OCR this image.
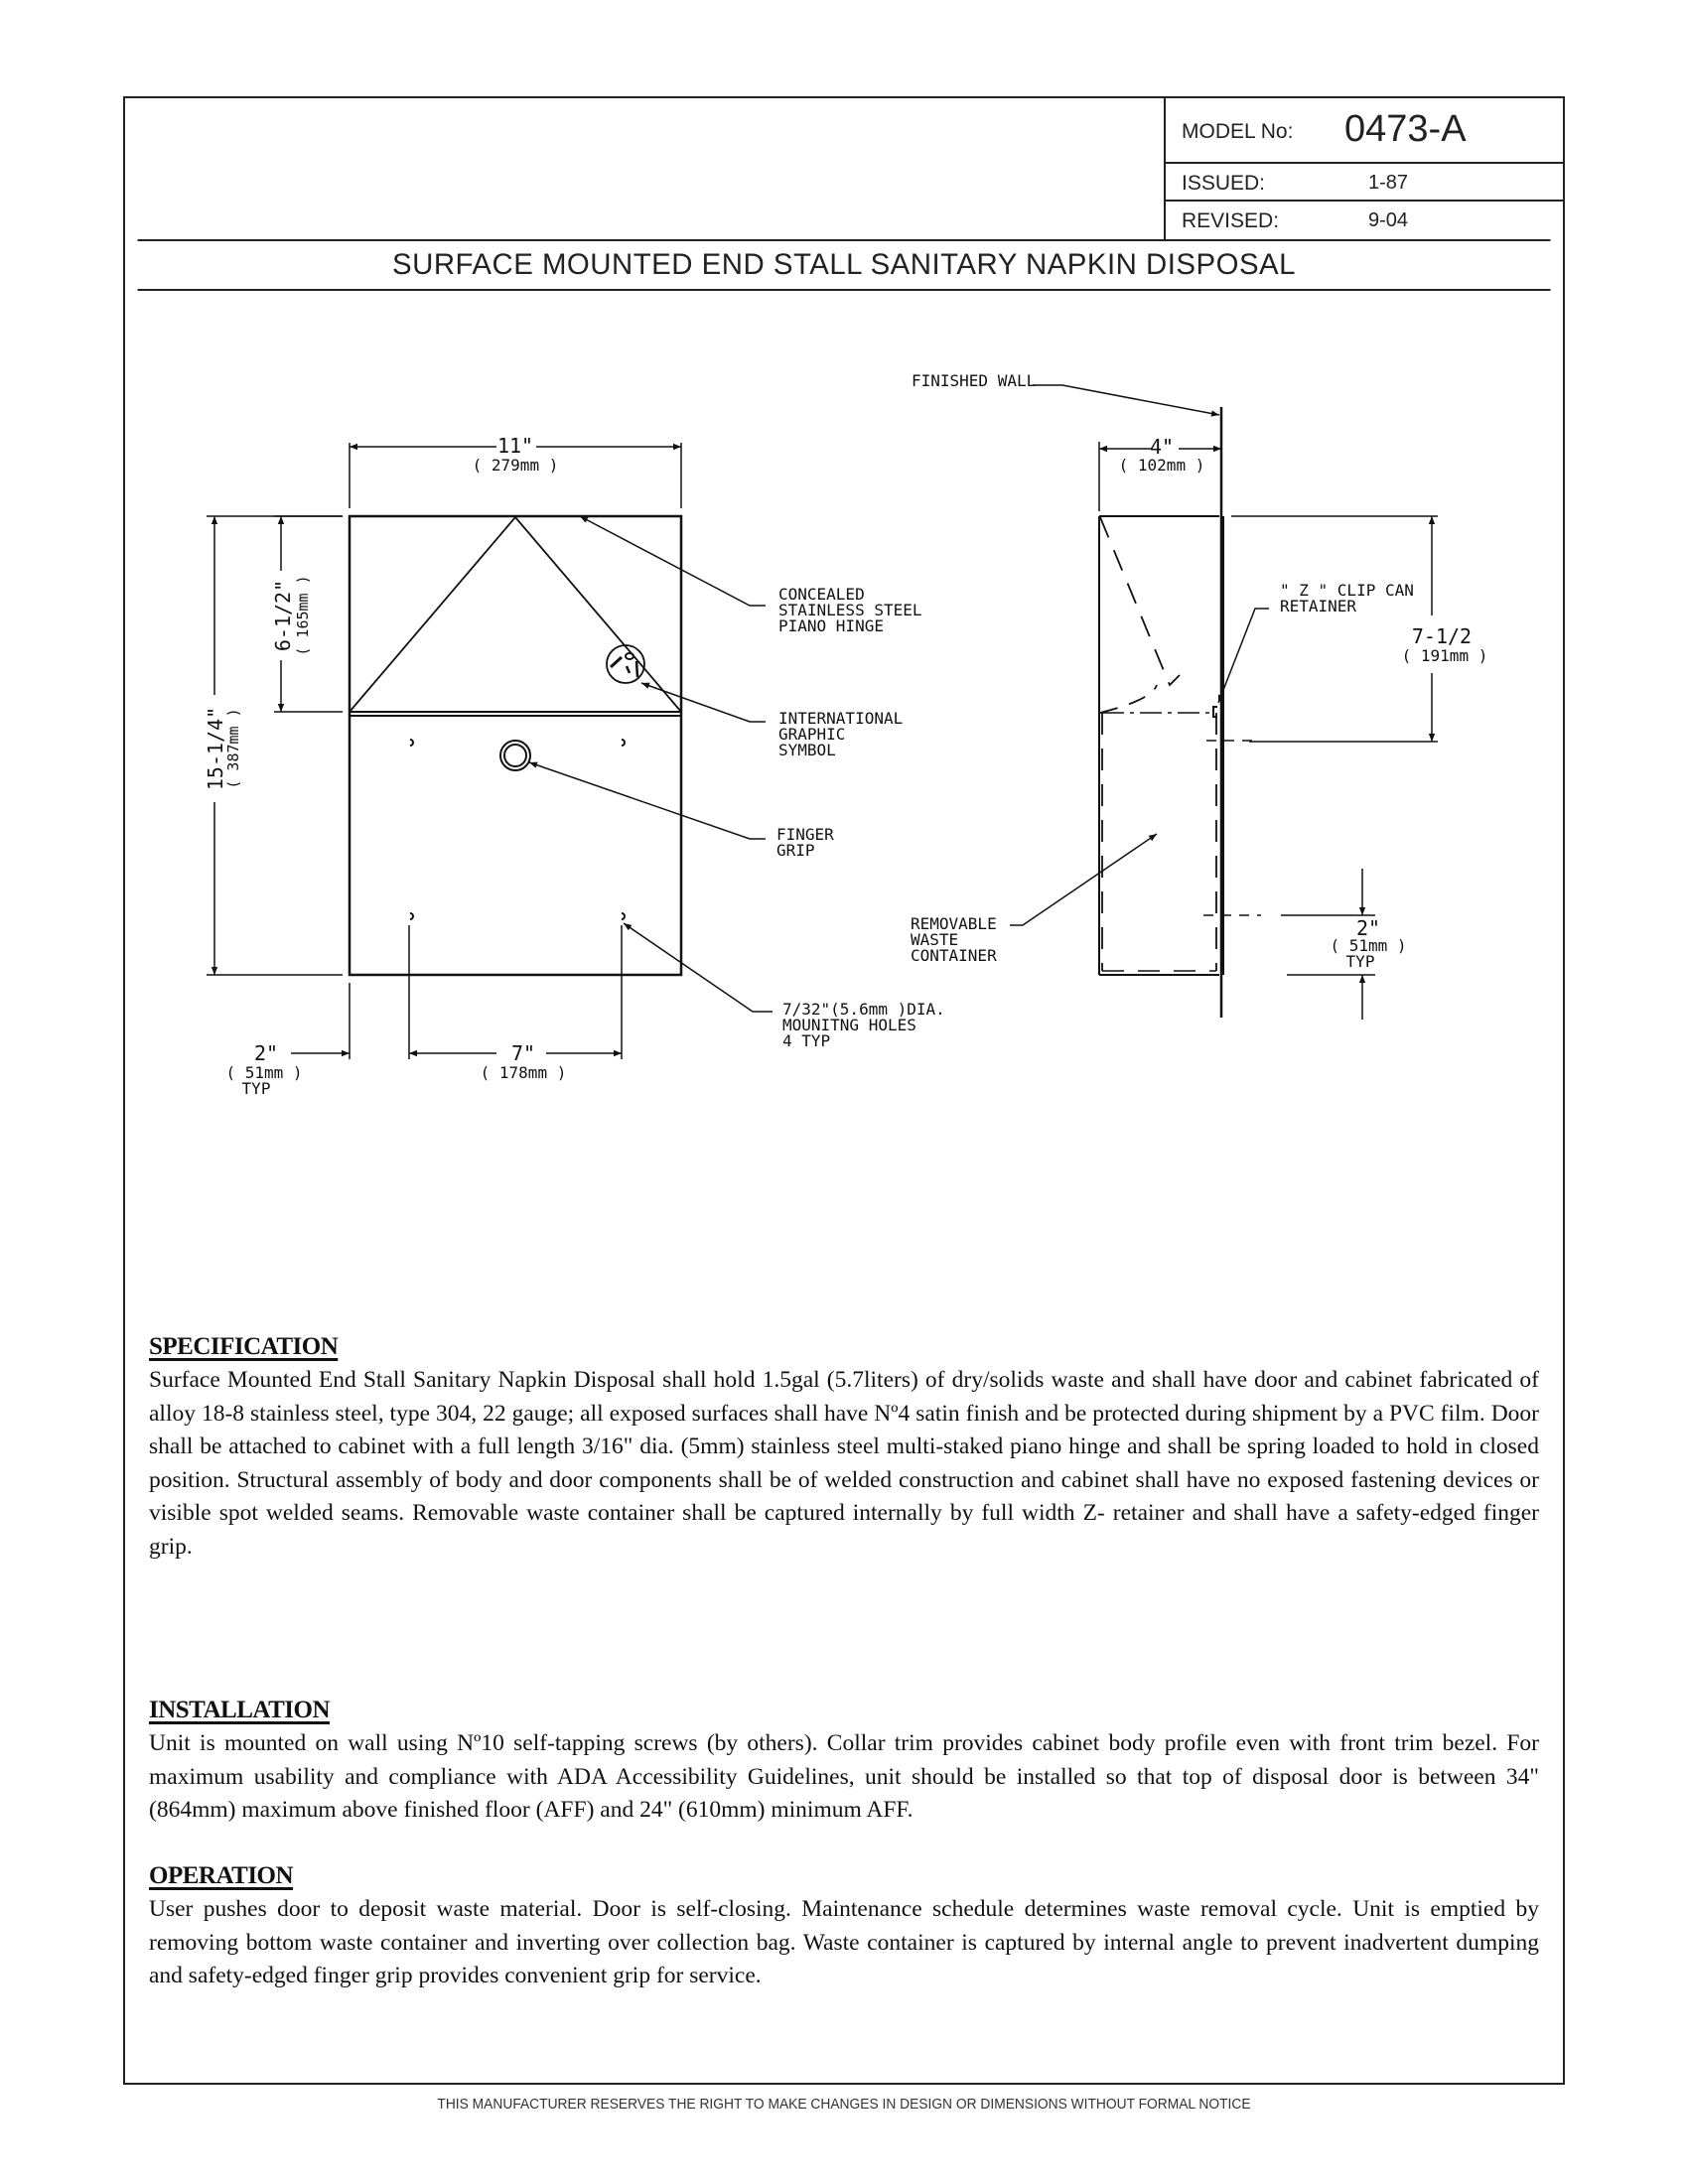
MODEL No: 0473-A
ISSUED:	1-87
REVISED:	9-04
SURFACE MOUNTED END STALL SANITARY NAPKIN DISPOSAL
11"
( 279mm )
6-1/2" ( 165mm )
15-1/4"
( 387mm )
2"
( 51mm )
TYP
7"
( 178mm )
CONCEALED
STAINLESS STEEL
PIANO HINGE
INTERNATIONAL
GRAPHIC
SYMBOL
FINGER
GRIP
7/32"(5.6mm )DIA.
MOUNITNG HOLES
4 TYP
FINISHED WALL
4"
( 102mm )
" Z " CLIP CAN
RETAINER
7-1/2
( 191mm )
2"
( 51mm )
TYP
REMOVABLE
WASTE
CONTAINER
SPECIFICATION

Surface Mounted End Stall Sanitary Napkin Disposal shall hold 1.5gal (5.7liters) of dry/solids waste and shall have door and cabinet fabricated of alloy 18-8 stainless steel, type 304, 22 gauge; all exposed surfaces shall have Nº4 satin finish and be protected during shipment by a PVC film. Door shall be attached to cabinet with a full length 3/16" dia. (5mm) stainless steel multi-staked piano hinge and shall be spring loaded to hold in closed position. Structural assembly of body and door components shall be of welded construction and cabinet shall have no exposed fastening devices or visible spot welded seams. Removable waste container shall be captured internally by full width Z- retainer and shall have a safety-edged finger grip.

INSTALLATION

Unit is mounted on wall using Nº10 self-tapping screws (by others). Collar trim provides cabinet body profile even with front trim bezel. For maximum usability and compliance with ADA Accessibility Guidelines, unit should be installed so that top of disposal door is between 34" (864mm) maximum above finished floor (AFF) and 24" (610mm) minimum AFF.

OPERATION

User pushes door to deposit waste material. Door is self-closing. Maintenance schedule determines waste removal cycle. Unit is emptied by removing bottom waste container and inverting over collection bag. Waste container is captured by internal angle to prevent inadvertent dumping and safety-edged finger grip provides convenient grip for service.

THIS MANUFACTURER RESERVES THE RIGHT TO MAKE CHANGES IN DESIGN OR DIMENSIONS WITHOUT FORMAL NOTICE
